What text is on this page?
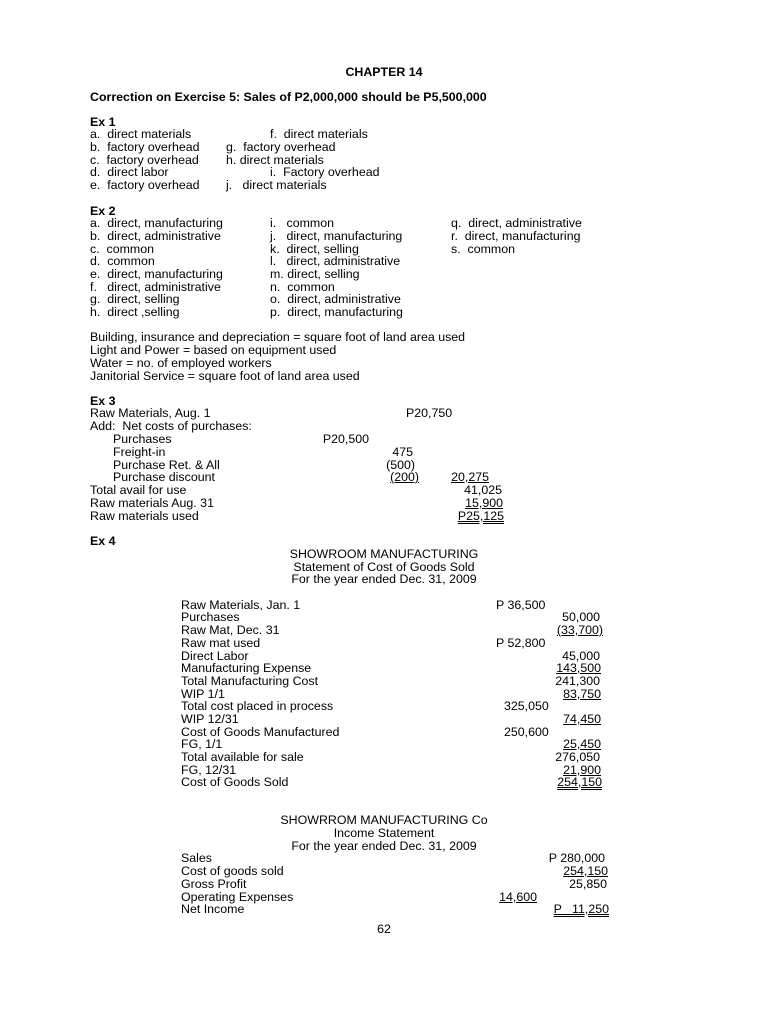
CHAPTER 14
Correction on Exercise 5: Sales of P2,000,000 should be P5,500,000
Ex 1
a.  direct materials
b.  factory overhead
c.  factory overhead
d.  direct labor
e.  factory overhead
f.  direct materials
g.  factory overhead
h. direct materials
i.  Factory overhead
j.   direct materials
Ex 2
a.  direct, manufacturing
b.  direct, administrative
c.  common
d.  common
e.  direct, manufacturing
f.   direct, administrative
g.  direct, selling
h.  direct ,selling
i.   common
j.   direct, manufacturing
k.  direct, selling
l.   direct, administrative
m. direct, selling
n.  common
o.  direct, administrative
p.  direct, manufacturing
q.  direct, administrative
r.  direct, manufacturing
s.  common
Building, insurance and depreciation = square foot of land area used
Light and Power = based on equipment used
Water = no. of employed workers
Janitorial Service = square foot of land area used
Ex 3
Raw Materials, Aug. 1	P20,750
Add:  Net costs of purchases:
Purchases	P20,500
Freight-in	475
Purchase Ret. & All	(500)
Purchase discount	(200)	20,275
Total avail for use	41,025
Raw materials Aug. 31	15,900
Raw materials used	P25,125
Ex 4
SHOWROOM MANUFACTURING
Statement of Cost of Goods Sold
For the year ended Dec. 31, 2009
Raw Materials, Jan. 1	P 36,500
Purchases	50,000
Raw Mat, Dec. 31	(33,700)
Raw mat used	P 52,800
Direct Labor	45,000
Manufacturing Expense	143,500
Total Manufacturing Cost	241,300
WIP 1/1	83,750
Total cost placed in process	325,050
WIP 12/31	74,450
Cost of Goods Manufactured	250,600
FG, 1/1	25,450
Total available for sale	276,050
FG, 12/31	21,900
Cost of Goods Sold	254,150
SHOWRROM MANUFACTURING Co
Income Statement
For the year ended Dec. 31, 2009
Sales	P 280,000
Cost of goods sold	254,150
Gross Profit	25,850
Operating Expenses	14,600
Net Income	P   11,250
62
